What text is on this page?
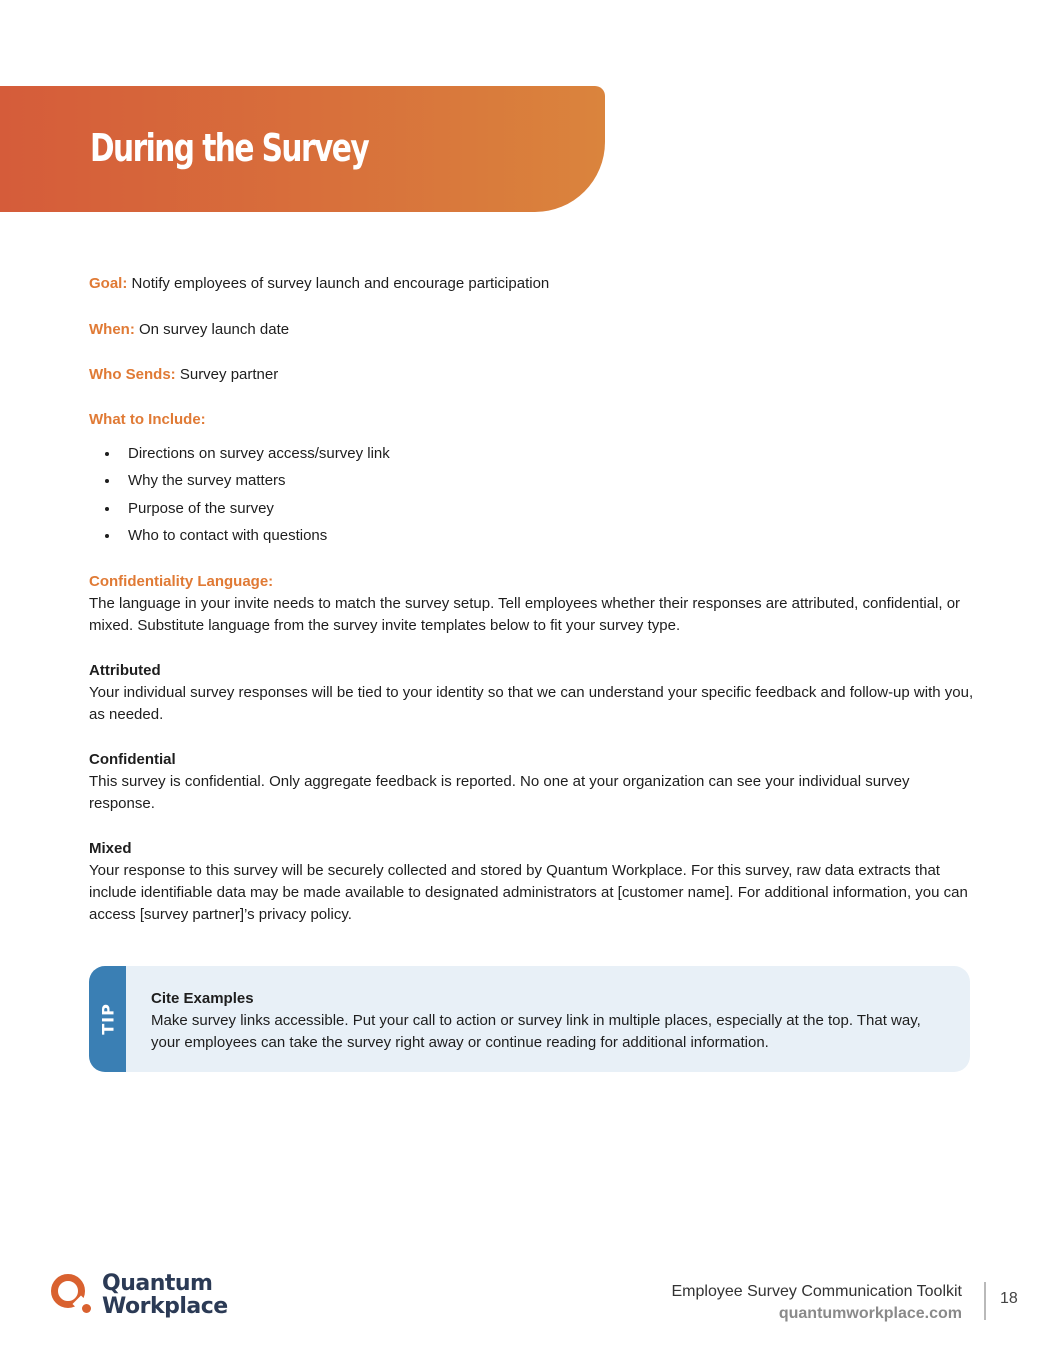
During the Survey
Goal: Notify employees of survey launch and encourage participation
When: On survey launch date
Who Sends: Survey partner
What to Include:
Directions on survey access/survey link
Why the survey matters
Purpose of the survey
Who to contact with questions
Confidentiality Language:
The language in your invite needs to match the survey setup. Tell employees whether their responses are attributed, confidential, or mixed. Substitute language from the survey invite templates below to fit your survey type.
Attributed
Your individual survey responses will be tied to your identity so that we can understand your specific feedback and follow-up with you, as needed.
Confidential
This survey is confidential. Only aggregate feedback is reported. No one at your organization can see your individual survey response.
Mixed
Your response to this survey will be securely collected and stored by Quantum Workplace. For this survey, raw data extracts that include identifiable data may be made available to designated administrators at [customer name]. For additional information, you can access [survey partner]’s privacy policy.
TIP
Cite Examples
Make survey links accessible. Put your call to action or survey link in multiple places, especially at the top. That way, your employees can take the survey right away or continue reading for additional information.
Quantum
Workplace
Employee Survey Communication Toolkit
quantumworkplace.com
18
